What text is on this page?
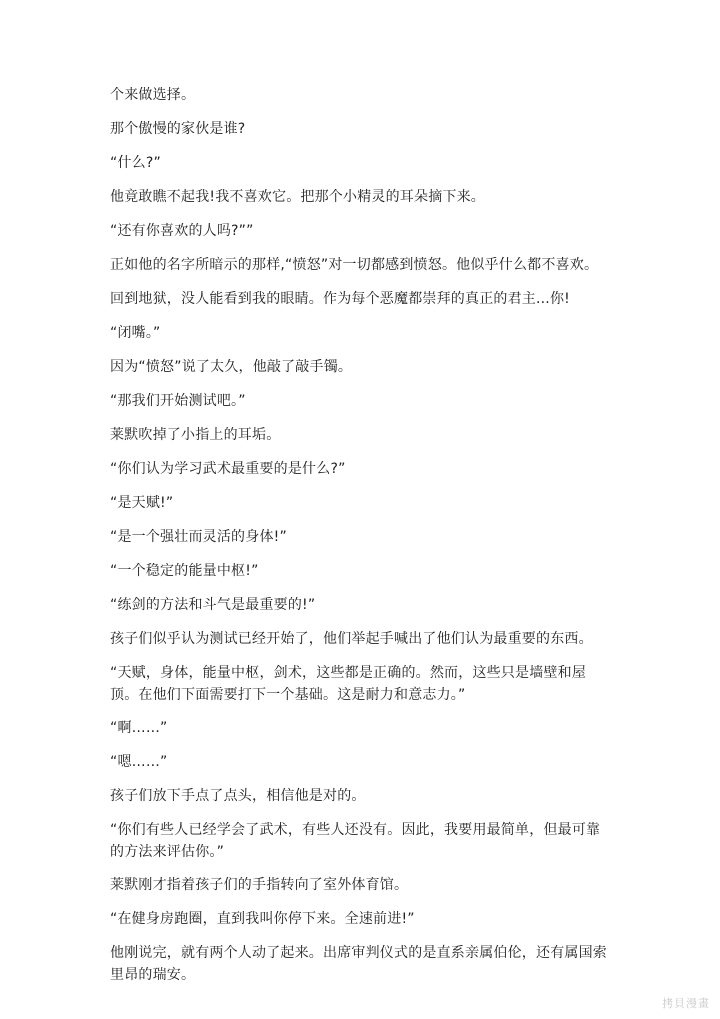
个来做选择。

那个傲慢的家伙是谁?

“什么?”

他竟敢瞧不起我!我不喜欢它。把那个小精灵的耳朵摘下来。

“还有你喜欢的人吗?””

正如他的名字所暗示的那样,“愤怒”对一切都感到愤怒。他似乎什么都不喜欢。

回到地狱，没人能看到我的眼睛。作为每个恶魔都崇拜的真正的君主...你!

“闭嘴。”

因为“愤怒”说了太久，他敲了敲手镯。

“那我们开始测试吧。”

莱默吹掉了小指上的耳垢。

“你们认为学习武术最重要的是什么?”

“是天赋!”

“是一个强壮而灵活的身体!”

“一个稳定的能量中枢!”

“练剑的方法和斗气是最重要的!”

孩子们似乎认为测试已经开始了，他们举起手喊出了他们认为最重要的东西。

“天赋，身体，能量中枢，剑术，这些都是正确的。然而，这些只是墙壁和屋顶。在他们下面需要打下一个基础。这是耐力和意志力。”

“啊……”

“嗯……”

孩子们放下手点了点头，相信他是对的。

“你们有些人已经学会了武术，有些人还没有。因此，我要用最简单，但最可靠的方法来评估你。”

莱默刚才指着孩子们的手指转向了室外体育馆。

“在健身房跑圈，直到我叫你停下来。全速前进!”

他刚说完，就有两个人动了起来。出席审判仪式的是直系亲属伯伦，还有属国索里昂的瑞安。

拷貝漫畫
